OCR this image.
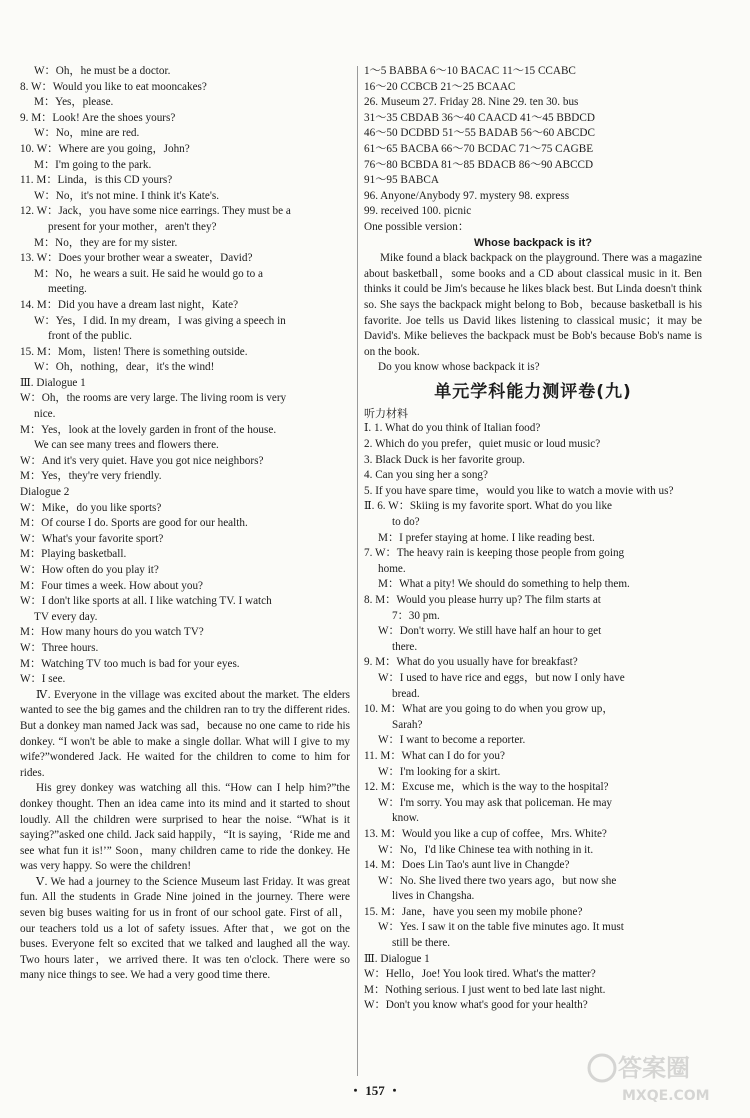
W：Oh，he must be a doctor.
8. W：Would you like to eat mooncakes?
M：Yes，please.
9. M：Look! Are the shoes yours?
W：No，mine are red.
10. W：Where are you going，John?
M：I'm going to the park.
11. M：Linda，is this CD yours?
W：No，it's not mine. I think it's Kate's.
12. W：Jack，you have some nice earrings. They must be a
present for your mother，aren't they?
M：No，they are for my sister.
13. W：Does your brother wear a sweater，David?
M：No，he wears a suit. He said he would go to a
meeting.
14. M：Did you have a dream last night，Kate?
W：Yes，I did. In my dream，I was giving a speech in
front of the public.
15. M：Mom，listen! There is something outside.
W：Oh，nothing，dear，it's the wind!
Ⅲ. Dialogue 1
W：Oh，the rooms are very large. The living room is very
nice.
M：Yes，look at the lovely garden in front of the house.
We can see many trees and flowers there.
W：And it's very quiet. Have you got nice neighbors?
M：Yes，they're very friendly.
Dialogue 2
W：Mike，do you like sports?
M：Of course I do. Sports are good for our health.
W：What's your favorite sport?
M：Playing basketball.
W：How often do you play it?
M：Four times a week. How about you?
W：I don't like sports at all. I like watching TV. I watch
TV every day.
M：How many hours do you watch TV?
W：Three hours.
M：Watching TV too much is bad for your eyes.
W：I see.
Ⅳ. Everyone in the village was excited about the market. The elders wanted to see the big games and the children ran to try the different rides. But a donkey man named Jack was sad，because no one came to ride his donkey. “I won't be able to make a single dollar. What will I give to my wife?”wondered Jack. He waited for the children to come to him for rides.
His grey donkey was watching all this. “How can I help him?”the donkey thought. Then an idea came into its mind and it started to shout loudly. All the children were surprised to hear the noise. “What is it saying?”asked one child. Jack said happily，“It is saying，‘Ride me and see what fun it is!’” Soon，many children came to ride the donkey. He was very happy. So were the children!
Ⅴ. We had a journey to the Science Museum last Friday. It was great fun. All the students in Grade Nine joined in the journey. There were seven big buses waiting for us in front of our school gate. First of all，our teachers told us a lot of safety issues. After that，we got on the buses. Everyone felt so excited that we talked and laughed all the way. Two hours later，we arrived there. It was ten o'clock. There were so many nice things to see. We had a very good time there.
1～5 BABBA 6～10 BACAC 11～15 CCABC
16～20 CCBCB 21～25 BCAAC
26. Museum 27. Friday 28. Nine 29. ten 30. bus
31～35 CBDAB 36～40 CAACD 41～45 BBDCD
46～50 DCDBD 51～55 BADAB 56～60 ABCDC
61～65 BACBA 66～70 BCDAC 71～75 CAGBE
76～80 BCBDA 81～85 BDACB 86～90 ABCCD
91～95 BABCA
96. Anyone/Anybody 97. mystery 98. express
99. received 100. picnic
One possible version：
Whose backpack is it?
Mike found a black backpack on the playground. There was a magazine about basketball，some books and a CD about classical music in it. Ben thinks it could be Jim's because he likes black best. But Linda doesn't think so. She says the backpack might belong to Bob，because basketball is his favorite. Joe tells us David likes listening to classical music；it may be David's. Mike believes the backpack must be Bob's because Bob's name is on the book.
Do you know whose backpack it is?
单元学科能力测评卷(九)
听力材料
Ⅰ. 1. What do you think of Italian food?
2. Which do you prefer，quiet music or loud music?
3. Black Duck is her favorite group.
4. Can you sing her a song?
5. If you have spare time，would you like to watch a movie with us?
Ⅱ. 6. W：Skiing is my favorite sport. What do you like
to do?
M：I prefer staying at home. I like reading best.
7. W：The heavy rain is keeping those people from going
home.
M：What a pity! We should do something to help them.
8. M：Would you please hurry up? The film starts at
7：30 pm.
W：Don't worry. We still have half an hour to get
there.
9. M：What do you usually have for breakfast?
W：I used to have rice and eggs，but now I only have
bread.
10. M：What are you going to do when you grow up，
Sarah?
W：I want to become a reporter.
11. M：What can I do for you?
W：I'm looking for a skirt.
12. M：Excuse me，which is the way to the hospital?
W：I'm sorry. You may ask that policeman. He may
know.
13. M：Would you like a cup of coffee，Mrs. White?
W：No，I'd like Chinese tea with nothing in it.
14. M：Does Lin Tao's aunt live in Changde?
W：No. She lived there two years ago，but now she
lives in Changsha.
15. M：Jane，have you seen my mobile phone?
W：Yes. I saw it on the table five minutes ago. It must
still be there.
Ⅲ. Dialogue 1
W：Hello，Joe! You look tired. What's the matter?
M：Nothing serious. I just went to bed late last night.
W：Don't you know what's good for your health?
・ 157 ・
答案圈
MXQE.COM
